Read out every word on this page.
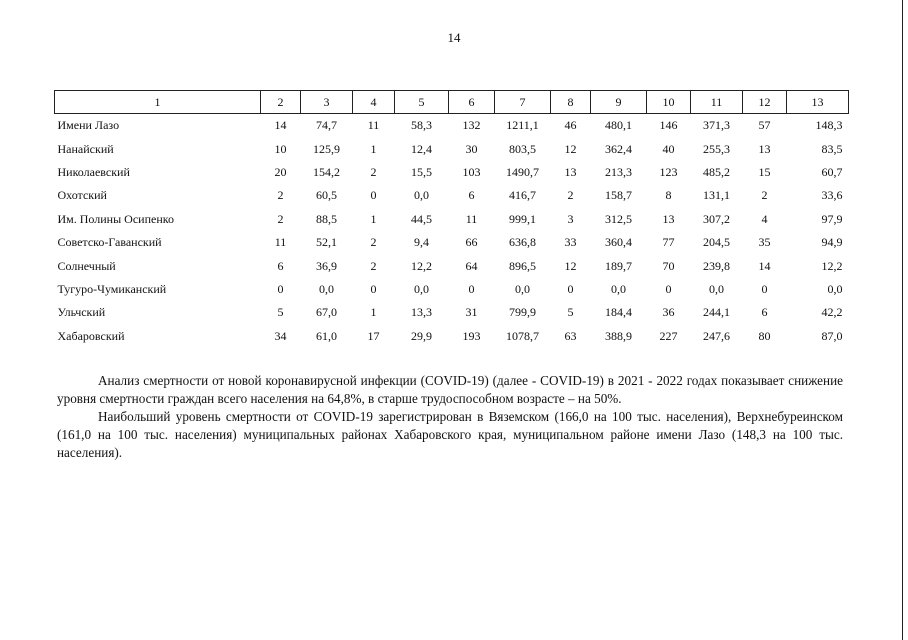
14
1	2	3	4	5	6	7	8	9	10	11	12	13
Имени Лазо	14	74,7	11	58,3	132	1211,1	46	480,1	146	371,3	57	148,3
Нанайский	10	125,9	1	12,4	30	803,5	12	362,4	40	255,3	13	83,5
Николаевский	20	154,2	2	15,5	103	1490,7	13	213,3	123	485,2	15	60,7
Охотский	2	60,5	0	0,0	6	416,7	2	158,7	8	131,1	2	33,6
Им. Полины Осипенко	2	88,5	1	44,5	11	999,1	3	312,5	13	307,2	4	97,9
Советско-Гаванский	11	52,1	2	9,4	66	636,8	33	360,4	77	204,5	35	94,9
Солнечный	6	36,9	2	12,2	64	896,5	12	189,7	70	239,8	14	12,2
Тугуро-Чумиканский	0	0,0	0	0,0	0	0,0	0	0,0	0	0,0	0	0,0
Ульчский	5	67,0	1	13,3	31	799,9	5	184,4	36	244,1	6	42,2
Хабаровский	34	61,0	17	29,9	193	1078,7	63	388,9	227	247,6	80	87,0

Анализ смертности от новой коронавирусной инфекции (COVID-19) (далее - COVID-19) в 2021 - 2022 годах показывает снижение уровня смертности граждан всего населения на 64,8%, в старше трудоспособном возрасте – на 50%.

Наибольший уровень смертности от COVID-19 зарегистрирован в Вяземском (166,0 на 100 тыс. населения), Верхнебуреинском (161,0 на 100 тыс. населения) муниципальных районах Хабаровского края, муниципальном районе имени Лазо (148,3 на 100 тыс. населения).
